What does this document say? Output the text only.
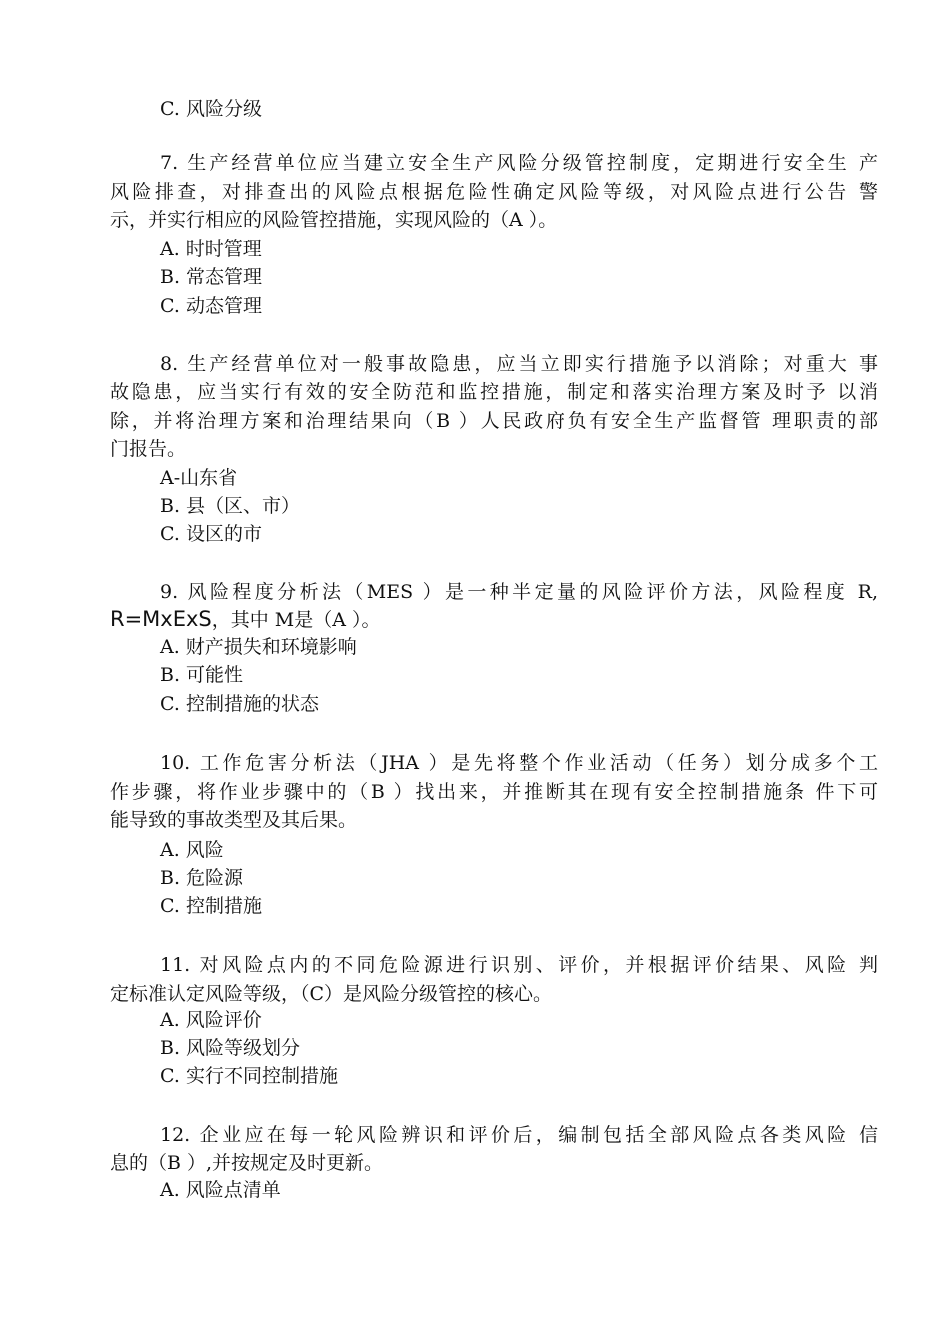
C. 风险分级
7. 生产经营单位应当建立安全生产风险分级管控制度，定期进行安全生 产
风险排查，对排查出的风险点根据危险性确定风险等级，对风险点进行公告 警
示，并实行相应的风险管控措施，实现风险的（A ）。
A. 时时管理
B. 常态管理
C. 动态管理
8. 生产经营单位对一般事故隐患，应当立即实行措施予以消除；对重大 事
故隐患，应当实行有效的安全防范和监控措施，制定和落实治理方案及时予 以消
除，并将治理方案和治理结果向（B ）人民政府负有安全生产监督管 理职责的部
门报告。
A-山东省
B. 县（区、市）
C. 设区的市
9. 风险程度分析法（MES ）是一种半定量的风险评价方法，风险程度 R,
R=MxExS，其中 M是（A ）。
A. 财产损失和环境影响
B. 可能性
C. 控制措施的状态
10. 工作危害分析法（JHA ）是先将整个作业活动（任务）划分成多个工
作步骤，将作业步骤中的（B ）找出来，并推断其在现有安全控制措施条 件下可
能导致的事故类型及其后果。
A. 风险
B. 危险源
C. 控制措施
11. 对风险点内的不同危险源进行识别、评价，并根据评价结果、风险 判
定标准认定风险等级，（C）是风险分级管控的核心。
A. 风险评价
B. 风险等级划分
C. 实行不同控制措施
12. 企业应在每一轮风险辨识和评价后，编制包括全部风险点各类风险 信
息的（B ）,并按规定及时更新。
A. 风险点清单
